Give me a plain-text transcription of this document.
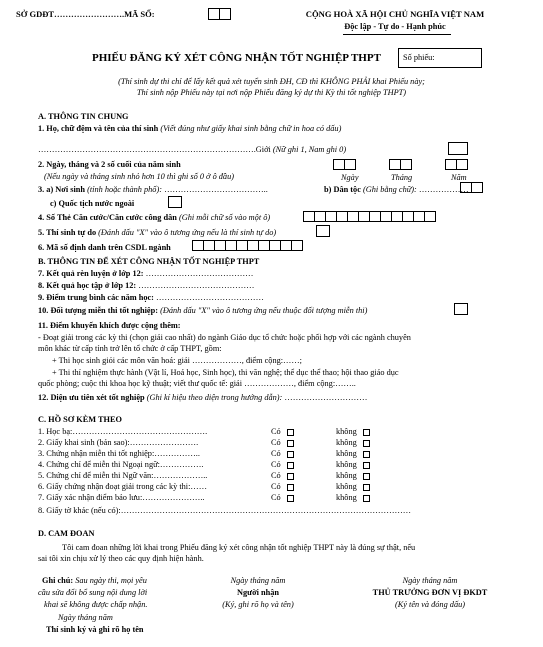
SỞ GDĐT…………………….MÃ SỐ:	CỘNG HOÀ XÃ HỘI CHỦ NGHĨA VIỆT NAM
Độc lập - Tự do - Hạnh phúc
PHIẾU ĐĂNG KÝ XÉT CÔNG NHẬN TỐT NGHIỆP THPT	Số phiếu:
(Thí sinh dự thi chỉ để lấy kết quả xét tuyển sinh ĐH, CĐ thì KHÔNG PHẢI khai Phiếu này;
Thí sinh nộp Phiếu này tại nơi nộp Phiếu đăng ký dự thi Kỳ thi tốt nghiệp THPT)
A. THÔNG TIN CHUNG
1. Họ, chữ đệm và tên của thí sinh (Viết đúng như giấy khai sinh bằng chữ in hoa có dấu)
…………………………………………………………………….Giới (Nữ ghi 1, Nam ghi 0)
2. Ngày, tháng và 2 số cuối của năm sinh
(Nếu ngày và tháng sinh nhỏ hơn 10 thì ghi số 0 ở ô đầu)	Ngày	Tháng	Năm
3. a) Nơi sinh (tỉnh hoặc thành phố): ………………………………..	b) Dân tộc (Ghi bằng chữ): ………………
c) Quốc tịch nước ngoài
4. Số Thẻ Căn cước/Căn cước công dân (Ghi mỗi chữ số vào một ô)
5. Thí sinh tự do (Đánh dấu "X" vào ô tương ứng nếu là thí sinh tự do)
6. Mã số định danh trên CSDL ngành
B. THÔNG TIN ĐỂ XÉT CÔNG NHẬN TỐT NGHIỆP THPT
7. Kết quả rèn luyện ở lớp 12: …………………………………
8. Kết quả học tập ở lớp 12: ……………………………………
9. Điểm trung bình các năm học: …………………………………
10. Đối tượng miễn thi tốt nghiệp: (Đánh dấu "X" vào ô tương ứng nếu thuộc đối tượng miễn thi)
11. Điểm khuyến khích được cộng thêm:
- Đoạt giải trong các kỳ thi (chọn giải cao nhất) do ngành Giáo dục tổ chức hoặc phối hợp với các ngành chuyên
môn khác từ cấp tỉnh trở lên tổ chức ở cấp THPT, gồm:
+ Thi học sinh giỏi các môn văn hoá: giải ………………, điểm cộng:……;
+ Thi thí nghiệm thực hành (Vật lí, Hoá học, Sinh học), thi văn nghệ; thể dục thể thao; hội thao giáo dục
quốc phòng; cuộc thi khoa học kỹ thuật; viết thư quốc tế: giải ………………, điểm cộng:……..
12. Diện ưu tiên xét tốt nghiệp (Ghi kí hiệu theo diện trong hướng dẫn): …………………………
C. HỒ SƠ KÈM THEO
1. Học bạ:………………………………………….	Có	không
2. Giấy khai sinh (bản sao):…………………….	Có	không
3. Chứng nhận miễn thi tốt nghiệp:……………..	Có	không
4. Chứng chỉ để miễn thi Ngoại ngữ:…………….	Có	không
5. Chứng chỉ để miễn thi Ngữ văn:………………..	Có	không
6. Giấy chứng nhận đoạt giải trong các kỳ thi:……	Có	không
7. Giấy xác nhận điểm bảo lưu:…………………..	Có	không
8. Giấy tờ khác (nếu có):……………………………………………………………………………………………
D. CAM ĐOAN
Tôi cam đoan những lời khai trong Phiếu đăng ký xét công nhận tốt nghiệp THPT này là đúng sự thật, nếu
sai tôi xin chịu xử lý theo các quy định hiện hành.
Ghi chú: Sau ngày thi, mọi yêu
cầu sửa đổi bổ sung nội dung lời
khai sẽ không được chấp nhận.
Ngày tháng năm
Thí sinh ký và ghi rõ họ tên
Ngày tháng năm
Người nhận
(Ký, ghi rõ họ và tên)
Ngày tháng năm
THỦ TRƯỞNG ĐƠN VỊ ĐKDT
(Ký tên và đóng dấu)
